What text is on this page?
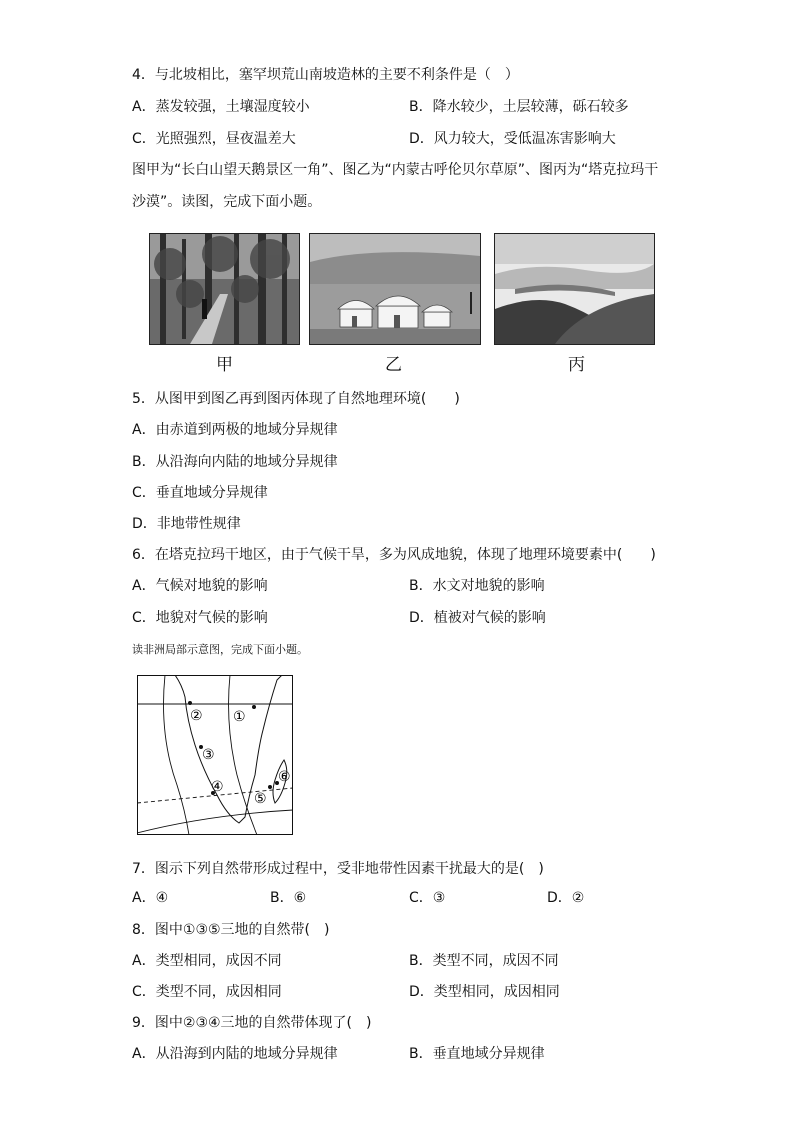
4．与北坡相比，塞罕坝荒山南坡造林的主要不利条件是（　）
A．蒸发较强，土壤湿度较小	B．降水较少，土层较薄，砾石较多
C．光照强烈，昼夜温差大	D．风力较大，受低温冻害影响大
图甲为“长白山望天鹅景区一角”、图乙为“内蒙古呼伦贝尔草原”、图丙为“塔克拉玛干
沙漠”。读图，完成下面小题。
甲	乙	丙
5．从图甲到图乙再到图丙体现了自然地理环境(　　)
A．由赤道到两极的地域分异规律
B．从沿海向内陆的地域分异规律
C．垂直地域分异规律
D．非地带性规律
6．在塔克拉玛干地区，由于气候干旱，多为风成地貌，体现了地理环境要素中(　　)
A．气候对地貌的影响	B．水文对地貌的影响
C．地貌对气候的影响	D．植被对气候的影响
读非洲局部示意图，完成下面小题。
② ①
③
④
⑤
⑥
7．图示下列自然带形成过程中，受非地带性因素干扰最大的是(　)
A．④	B．⑥	C．③	D．②
8．图中①③⑤三地的自然带(　)
A．类型相同，成因不同	B．类型不同，成因不同
C．类型不同，成因相同	D．类型相同，成因相同
9．图中②③④三地的自然带体现了(　)
A．从沿海到内陆的地域分异规律	B．垂直地域分异规律
